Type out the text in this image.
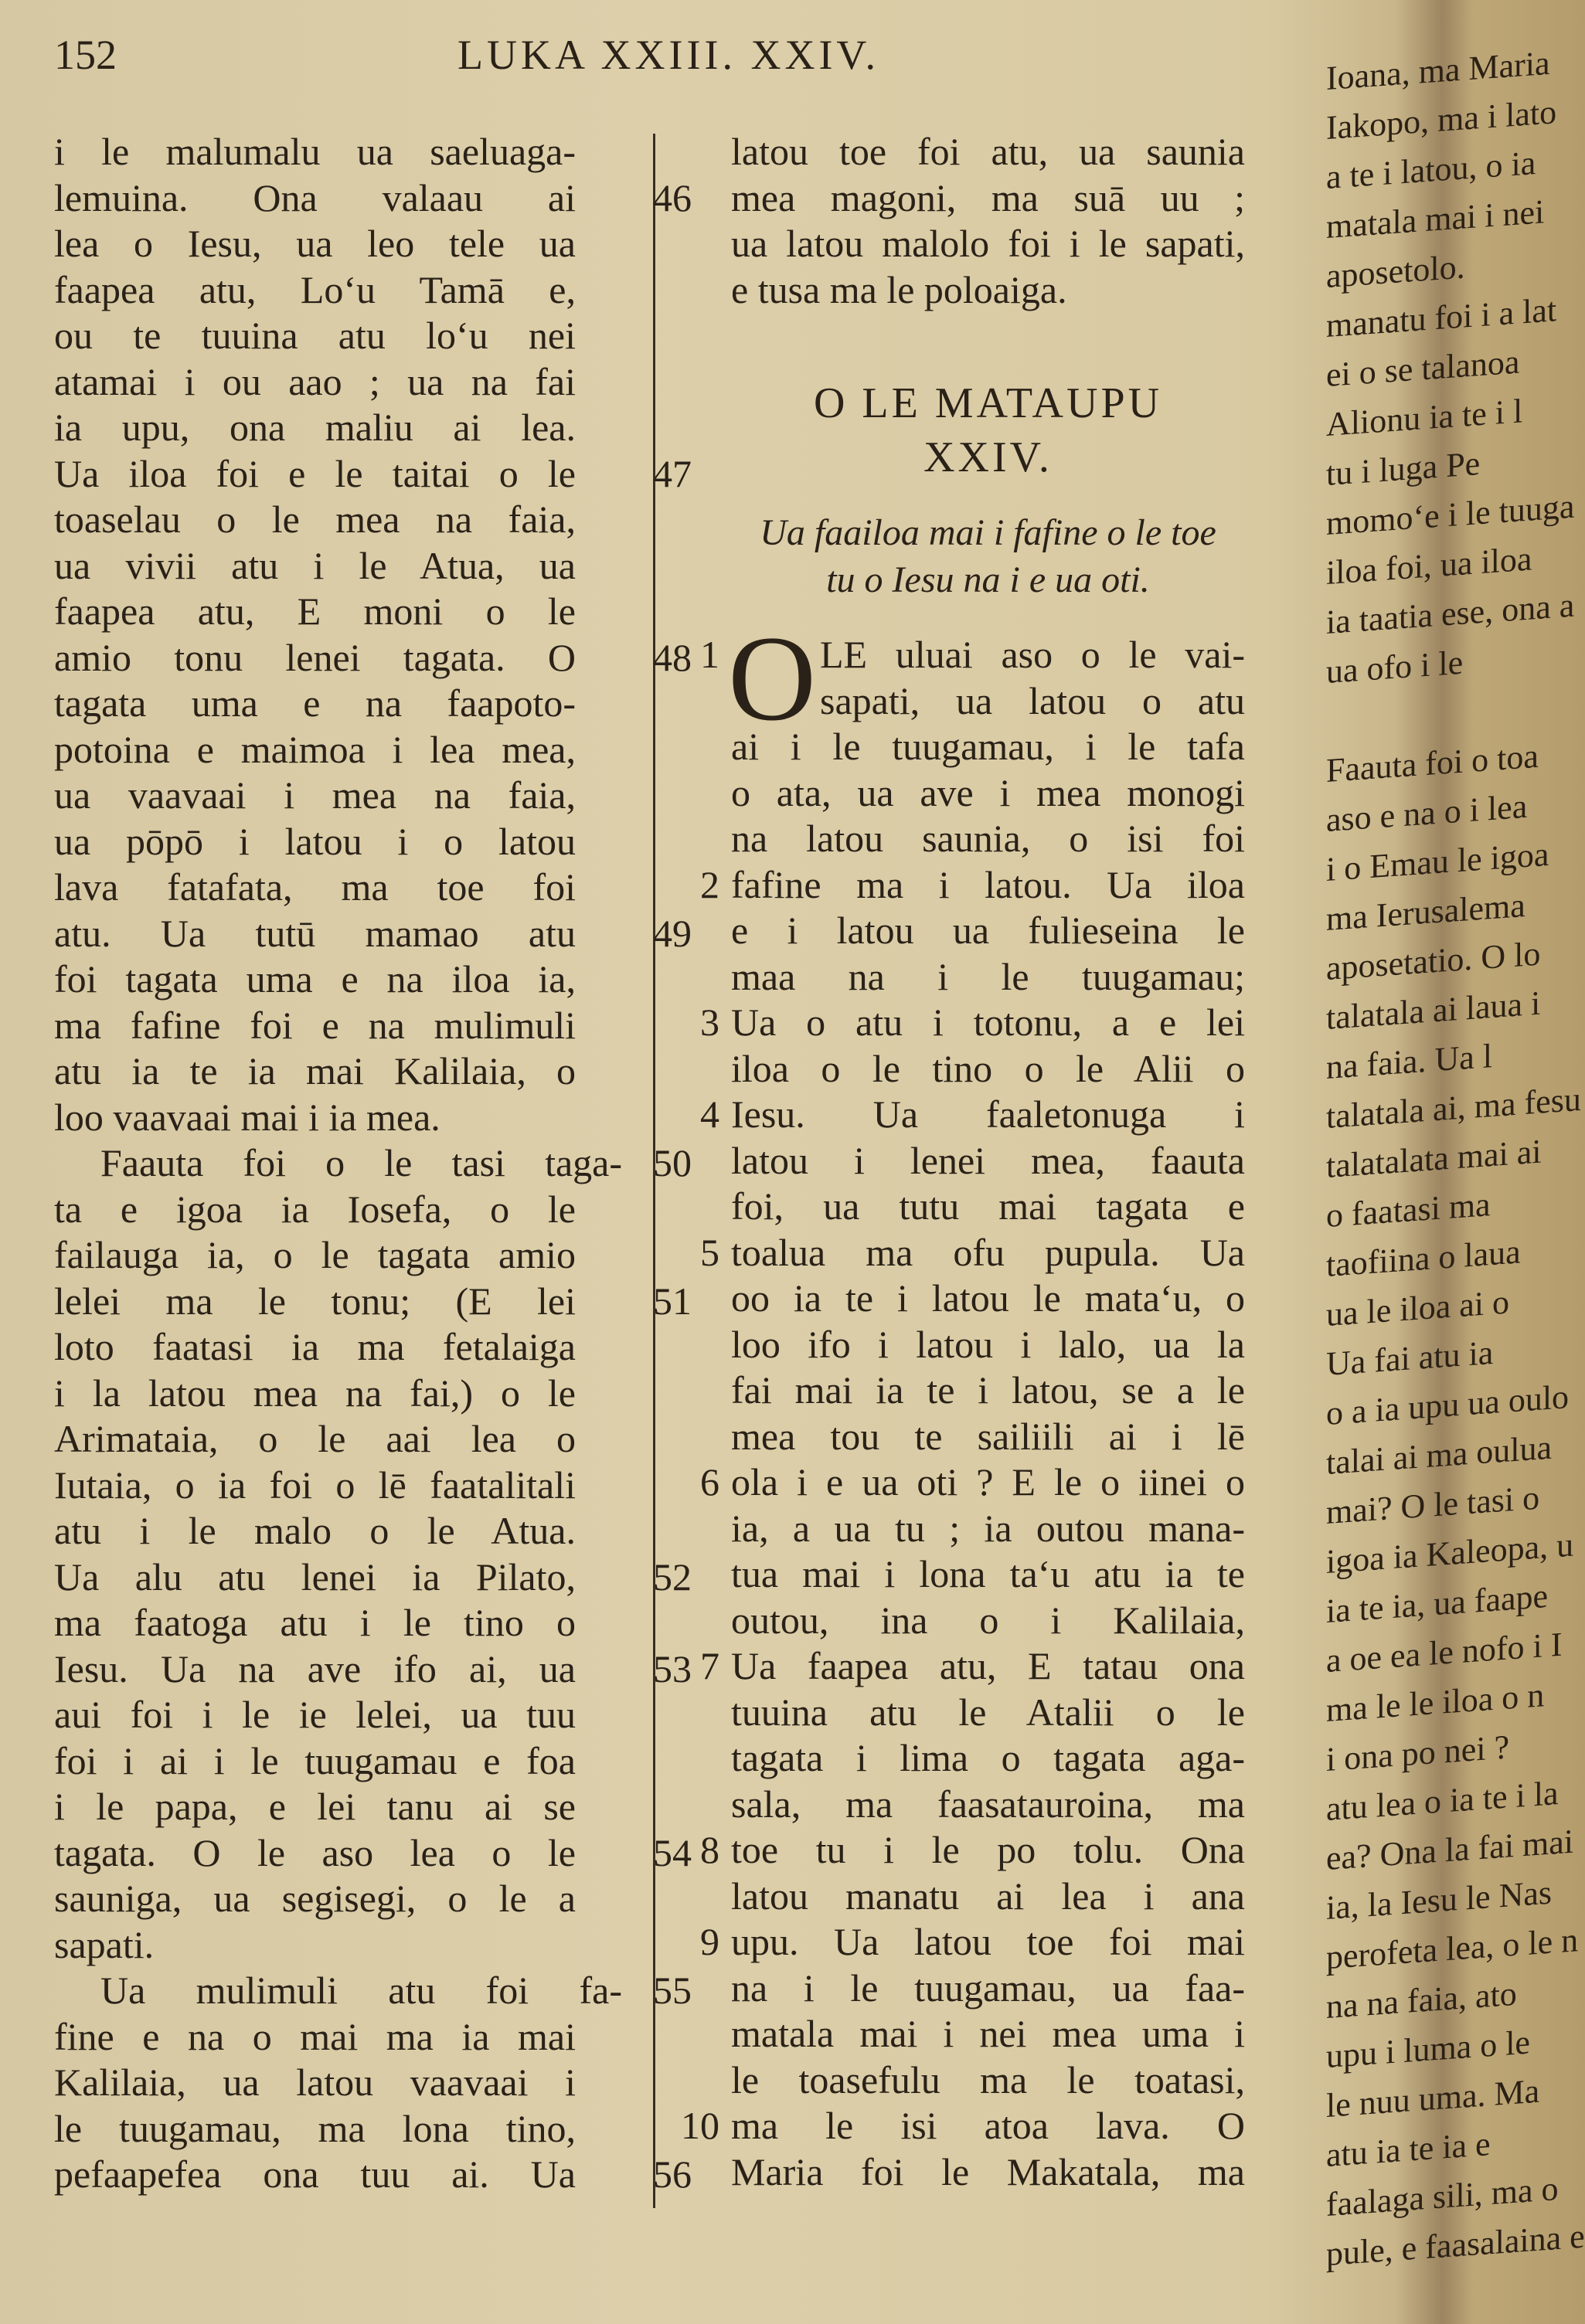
152	LUKA XXIII. XXIV.
i le malumalu ua saeluaga-
lemuina. Ona valaau ai	46
lea o Iesu, ua leo tele ua
faapea atu, Lo‘u Tamā e,
ou te tuuina atu lo‘u nei
atamai i ou aao ; ua na fai
ia upu, ona maliu ai lea.
Ua iloa foi e le taitai o le	47
toaselau o le mea na faia,
ua vivii atu i le Atua, ua
faapea atu, E moni o le
amio tonu lenei tagata. O	48
tagata uma e na faapoto-
potoina e maimoa i lea mea,
ua vaavaai i mea na faia,
ua pōpō i latou i o latou
lava fatafata, ma toe foi
atu. Ua tutū mamao atu	49
foi tagata uma e na iloa ia,
ma fafine foi e na mulimuli
atu ia te ia mai Kalilaia, o
loo vaavaai mai i ia mea.
Faauta foi o le tasi taga- 50
ta e igoa ia Iosefa, o le
failauga ia, o le tagata amio
lelei ma le tonu; (E lei	51
loto faatasi ia ma fetalaiga
i la latou mea na fai,) o le
Arimataia, o le aai lea o
Iutaia, o ia foi o lē faatalitali
atu i le malo o le Atua.
Ua alu atu lenei ia Pilato,	52
ma faatoga atu i le tino o
Iesu. Ua na ave ifo ai, ua	53
aui foi i le ie lelei, ua tuu
foi i ai i le tuugamau e foa
i le papa, e lei tanu ai se
tagata. O le aso lea o le	54
sauniga, ua segisegi, o le a
sapati.
Ua mulimuli atu foi fa- 55
fine e na o mai ma ia mai
Kalilaia, ua latou vaavaai i
le tuugamau, ma lona tino,
pefaapefea ona tuu ai. Ua	56
latou toe foi atu, ua saunia
mea magoni, ma suā uu ;
ua latou malolo foi i le sapati,
e tusa ma le poloaiga.
O LE MATAUPU
XXIV.
Ua faailoa mai i fafine o le toe
tu o Iesu na i e ua oti.
O LE uluai aso o le vai-
1
sapati, ua latou o atu
ai i le tuugamau, i le tafa
o ata, ua ave i mea monogi
na latou saunia, o isi foi
fafine ma i latou. Ua iloa
2
e i latou ua fulieseina le
maa na i le tuugamau;
Ua o atu i totonu, a e lei
3
iloa o le tino o le Alii o
Iesu. Ua faaletonuga i
4
latou i lenei mea, faauta
foi, ua tutu mai tagata e
toalua ma ofu pupula. Ua
5
oo ia te i latou le mata‘u, o
loo ifo i latou i lalo, ua la
fai mai ia te i latou, se a le
mea tou te sailiili ai i lē
ola i e ua oti ? E le o iinei o
6
ia, a ua tu ; ia outou mana-
tua mai i lona ta‘u atu ia te
outou, ina o i Kalilaia,
Ua faapea atu, E tatau ona
7
tuuina atu le Atalii o le
tagata i lima o tagata aga-
sala, ma faasatauroina, ma
toe tu i le po tolu. Ona
8
latou manatu ai lea i ana
upu. Ua latou toe foi mai
9
na i le tuugamau, ua faa-
matala mai i nei mea uma i
le toasefulu ma le toatasi,
ma le isi atoa lava. O
10
Maria foi le Makatala, ma
Ioana, ma Maria
Iakopo, ma i lato
a te i latou, o ia
matala mai i nei
aposetolo.
manatu foi i a lat
ei o se talanoa
Alionu ia te i l
tu i luga Pe
momo‘e i le tuuga
iloa foi, ua iloa
ia taatia ese, ona a
ua ofo i le
Faauta foi o toa
aso e na o i lea
i o Emau le igoa
ma Ierusalema
aposetatio. O lo
talatala ai laua i
na faia. Ua l
talatala ai, ma fesu
talatalata mai ai
o faatasi ma
taofiina o laua
ua le iloa ai o
Ua fai atu ia
o a ia upu ua oulo
talai ai ma oulua
mai? O le tasi o
igoa ia Kaleopa, u
ia te ia, ua faape
a oe ea le nofo i I
ma le le iloa o n
i ona po nei ?
atu lea o ia te i la
ea? Ona la fai mai
ia, la Iesu le Nas
perofeta lea, o le n
na na faia, ato
upu i luma o le
le nuu uma. Ma
atu ia te ia e
faalaga sili, ma o
pule, e faasalaina e
